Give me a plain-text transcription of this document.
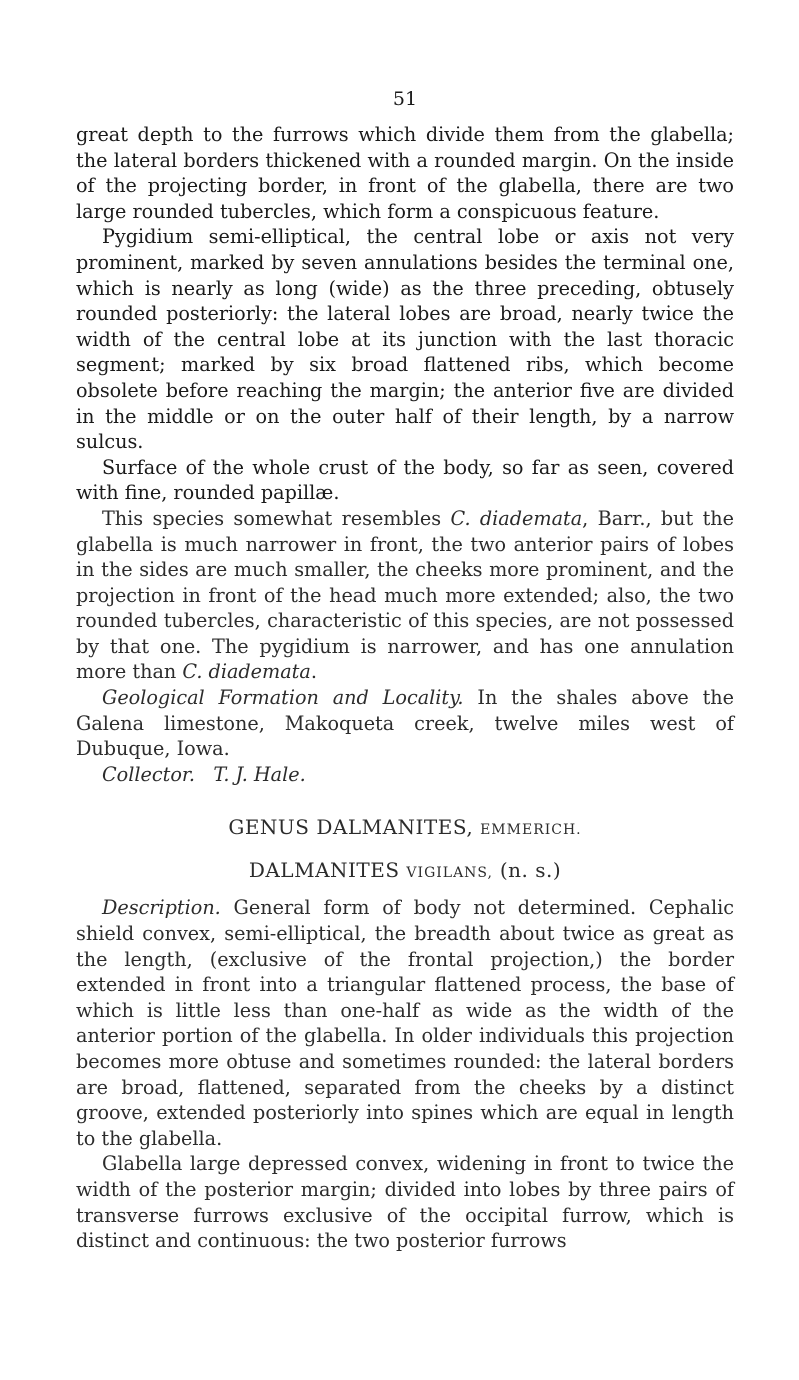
51

great depth to the furrows which divide them from the glabella; the lateral borders thickened with a rounded margin. On the inside of the projecting border, in front of the glabella, there are two large rounded tubercles, which form a conspicuous feature.

Pygidium semi-elliptical, the central lobe or axis not very prominent, marked by seven annulations besides the terminal one, which is nearly as long (wide) as the three preceding, obtusely rounded posteriorly: the lateral lobes are broad, nearly twice the width of the central lobe at its junction with the last thoracic segment; marked by six broad flattened ribs, which become obsolete before reaching the margin; the anterior five are divided in the middle or on the outer half of their length, by a narrow sulcus.

Surface of the whole crust of the body, so far as seen, covered with fine, rounded papillæ.

This species somewhat resembles C. diademata, Barr., but the glabella is much narrower in front, the two anterior pairs of lobes in the sides are much smaller, the cheeks more prominent, and the projection in front of the head much more extended; also, the two rounded tubercles, characteristic of this species, are not possessed by that one. The pygidium is narrower, and has one annulation more than C. diademata.

Geological Formation and Locality. In the shales above the Galena limestone, Makoqueta creek, twelve miles west of Dubuque, Iowa.

Collector. T. J. Hale.

GENUS DALMANITES, EMMERICH.
DALMANITES VIGILANS, (n. s.)

Description. General form of body not determined. Cephalic shield convex, semi-elliptical, the breadth about twice as great as the length, (exclusive of the frontal projection,) the border extended in front into a triangular flattened process, the base of which is little less than one-half as wide as the width of the anterior portion of the glabella. In older individuals this projection becomes more obtuse and sometimes rounded: the lateral borders are broad, flattened, separated from the cheeks by a distinct groove, extended posteriorly into spines which are equal in length to the glabella.

Glabella large depressed convex, widening in front to twice the width of the posterior margin; divided into lobes by three pairs of transverse furrows exclusive of the occipital furrow, which is distinct and continuous: the two posterior furrows
